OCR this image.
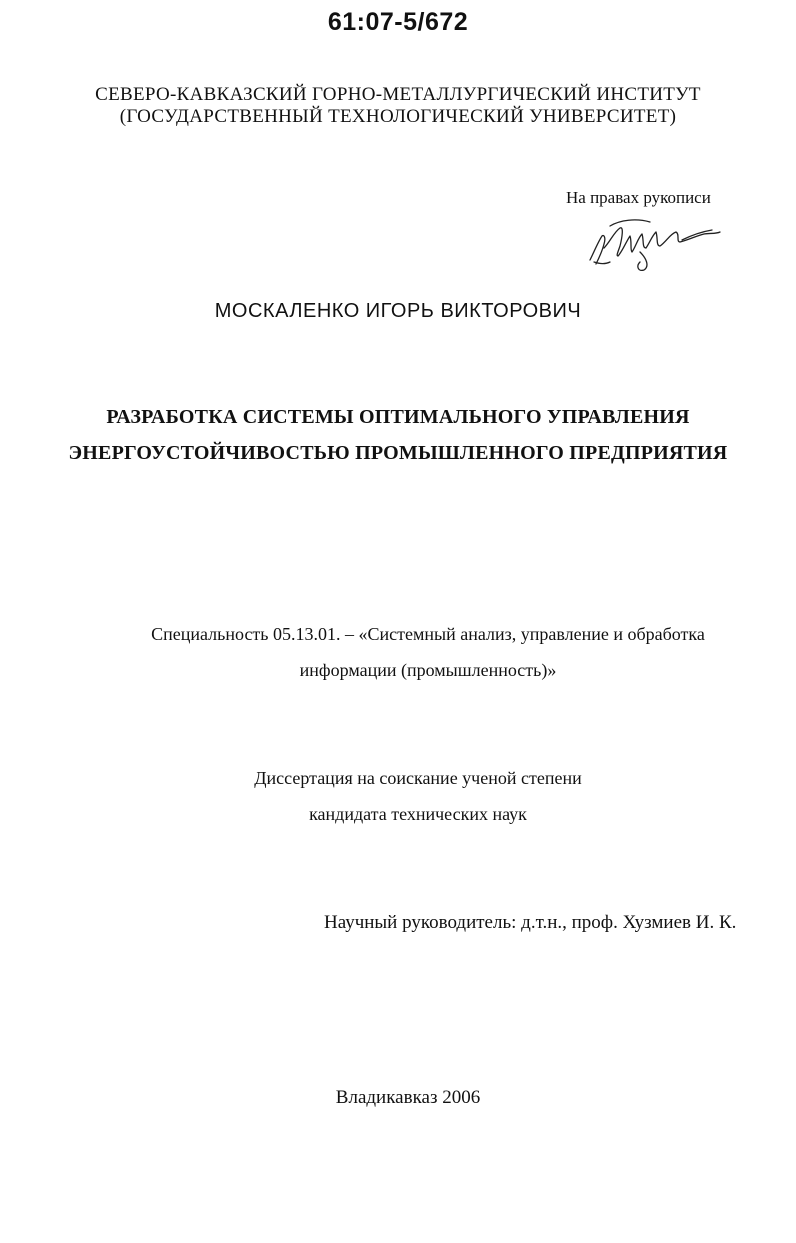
61:07-5/672
СЕВЕРО-КАВКАЗСКИЙ ГОРНО-МЕТАЛЛУРГИЧЕСКИЙ ИНСТИТУТ
(ГОСУДАРСТВЕННЫЙ ТЕХНОЛОГИЧЕСКИЙ УНИВЕРСИТЕТ)
На правах рукописи
МОСКАЛЕНКО ИГОРЬ ВИКТОРОВИЧ
РАЗРАБОТКА СИСТЕМЫ ОПТИМАЛЬНОГО УПРАВЛЕНИЯ
ЭНЕРГОУСТОЙЧИВОСТЬЮ ПРОМЫШЛЕННОГО ПРЕДПРИЯТИЯ
Специальность 05.13.01. – «Системный анализ, управление и обработка
информации (промышленность)»
Диссертация на соискание ученой степени
кандидата технических наук
Научный руководитель: д.т.н., проф. Хузмиев И. К.
Владикавказ 2006
